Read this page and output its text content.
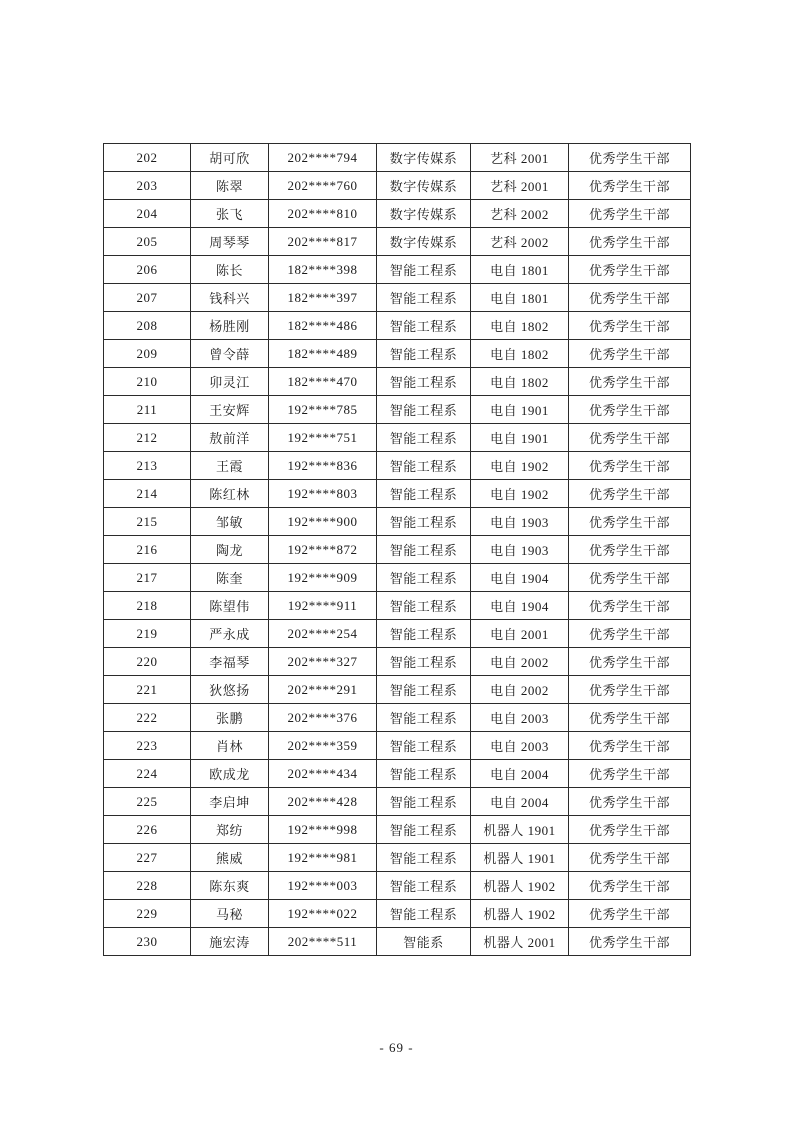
202	胡可欣	202****794	数字传媒系	艺科 2001	优秀学生干部
203	陈翠	202****760	数字传媒系	艺科 2001	优秀学生干部
204	张飞	202****810	数字传媒系	艺科 2002	优秀学生干部
205	周琴琴	202****817	数字传媒系	艺科 2002	优秀学生干部
206	陈长	182****398	智能工程系	电自 1801	优秀学生干部
207	钱科兴	182****397	智能工程系	电自 1801	优秀学生干部
208	杨胜刚	182****486	智能工程系	电自 1802	优秀学生干部
209	曾令薛	182****489	智能工程系	电自 1802	优秀学生干部
210	卯灵江	182****470	智能工程系	电自 1802	优秀学生干部
211	王安辉	192****785	智能工程系	电自 1901	优秀学生干部
212	敖前洋	192****751	智能工程系	电自 1901	优秀学生干部
213	王霞	192****836	智能工程系	电自 1902	优秀学生干部
214	陈红林	192****803	智能工程系	电自 1902	优秀学生干部
215	邹敏	192****900	智能工程系	电自 1903	优秀学生干部
216	陶龙	192****872	智能工程系	电自 1903	优秀学生干部
217	陈奎	192****909	智能工程系	电自 1904	优秀学生干部
218	陈望伟	192****911	智能工程系	电自 1904	优秀学生干部
219	严永成	202****254	智能工程系	电自 2001	优秀学生干部
220	李福琴	202****327	智能工程系	电自 2002	优秀学生干部
221	狄悠扬	202****291	智能工程系	电自 2002	优秀学生干部
222	张鹏	202****376	智能工程系	电自 2003	优秀学生干部
223	肖林	202****359	智能工程系	电自 2003	优秀学生干部
224	欧成龙	202****434	智能工程系	电自 2004	优秀学生干部
225	李启坤	202****428	智能工程系	电自 2004	优秀学生干部
226	郑纺	192****998	智能工程系	机器人 1901	优秀学生干部
227	熊威	192****981	智能工程系	机器人 1901	优秀学生干部
228	陈东爽	192****003	智能工程系	机器人 1902	优秀学生干部
229	马秘	192****022	智能工程系	机器人 1902	优秀学生干部
230	施宏涛	202****511	智能系	机器人 2001	优秀学生干部
- 69 -
